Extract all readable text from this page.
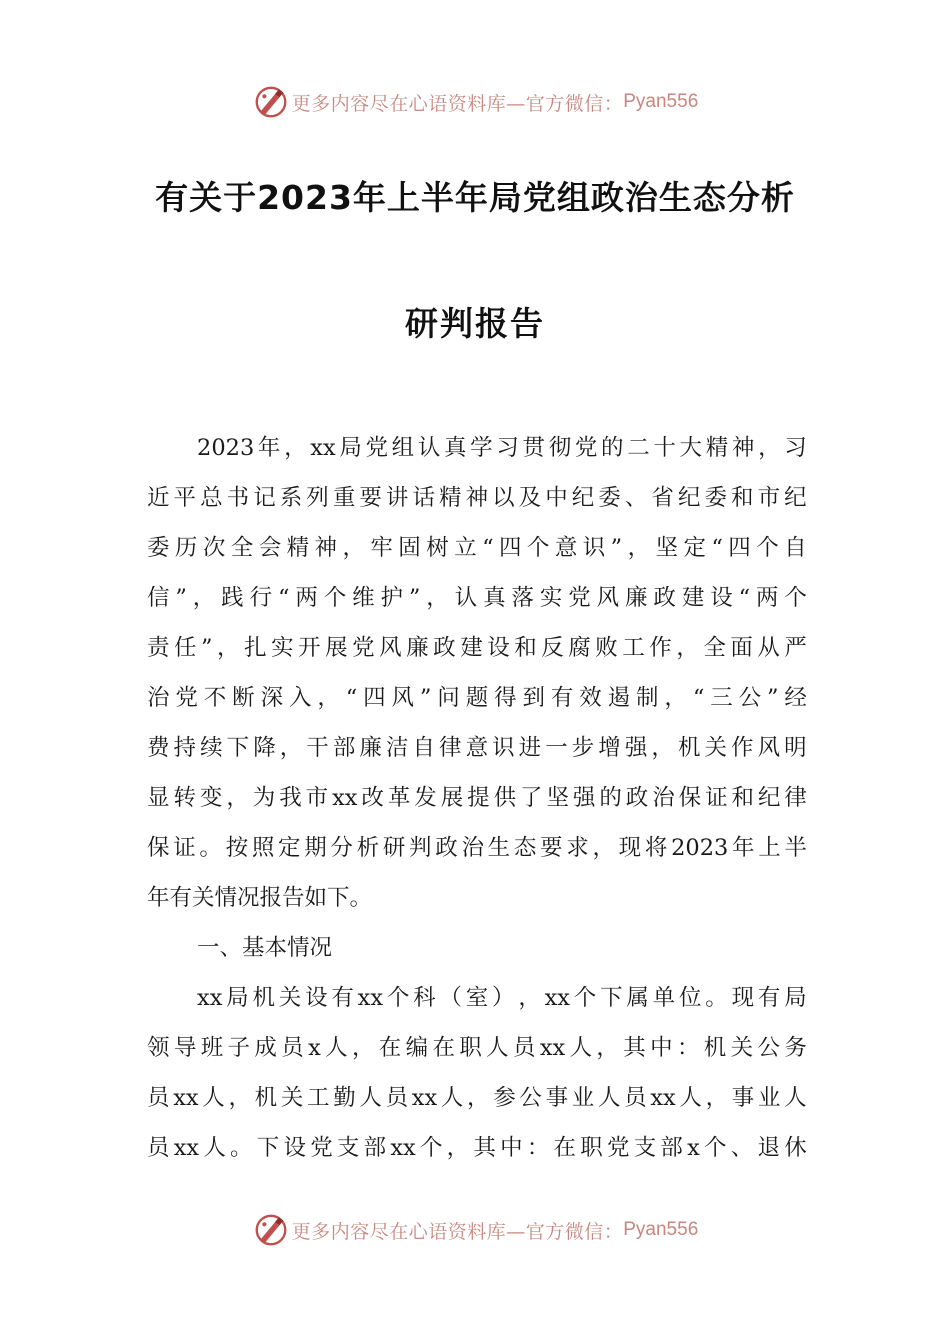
更多内容尽在心语资料库—官方微信： Pyan556
有关于2023年上半年局党组政治生态分析
研判报告
2023 年 ， xx 局 党 组 认 真 学 习 贯 彻 党 的 二 十 大 精 神 ， 习
近 平 总 书 记 系 列 重 要 讲 话 精 神 以 及 中 纪 委 、 省 纪 委 和 市 纪
委 历 次 全 会 精 神 ， 牢 固 树 立 “ 四 个 意 识 ” ， 坚 定 “ 四 个 自
信 ” ， 践 行 “ 两 个 维 护 ” ， 认 真 落 实 党 风 廉 政 建 设 “ 两 个
责 任 ” ， 扎 实 开 展 党 风 廉 政 建 设 和 反 腐 败 工 作 ， 全 面 从 严
治 党 不 断 深 入 ， “ 四 风 ” 问 题 得 到 有 效 遏 制 ， “ 三 公 ” 经
费 持 续 下 降 ， 干 部 廉 洁 自 律 意 识 进 一 步 增 强 ， 机 关 作 风 明
显 转 变 ， 为 我 市 xx 改 革 发 展 提 供 了 坚 强 的 政 治 保 证 和 纪 律
保 证 。 按 照 定 期 分 析 研 判 政 治 生 态 要 求 ， 现 将 2023 年 上 半
年有关情况报告如下。
一、基本情况
xx 局 机 关 设 有 xx 个 科 （ 室 ） ， xx 个 下 属 单 位 。 现 有 局
领 导 班 子 成 员 x 人 ， 在 编 在 职 人 员 xx 人 ， 其 中 ： 机 关 公 务
员 xx 人 ， 机 关 工 勤 人 员 xx 人 ， 参 公 事 业 人 员 xx 人 ， 事 业 人
员 xx 人 。 下 设 党 支 部 xx 个 ， 其 中 ： 在 职 党 支 部 x 个 、 退 休
更多内容尽在心语资料库—官方微信： Pyan556
